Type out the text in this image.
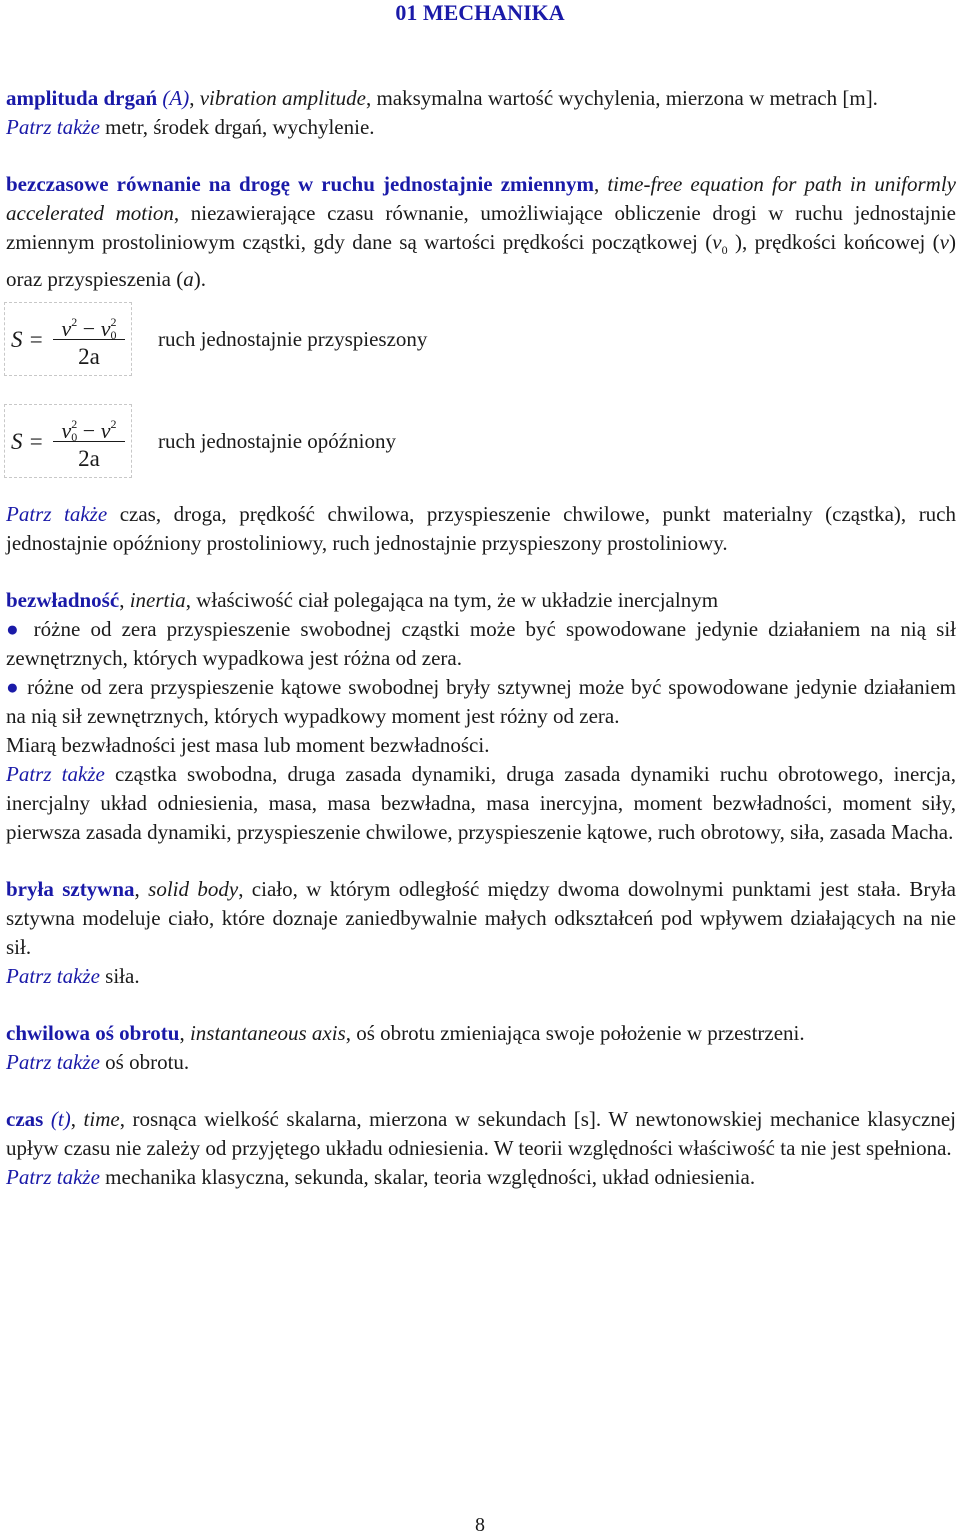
01 MECHANIKA

amplituda drgań (A), vibration amplitude, maksymalna wartość wychylenia, mierzona w metrach [m].

Patrz także metr, środek drgań, wychylenie.

bezczasowe równanie na drogę w ruchu jednostajnie zmiennym, time-free equation for path in uniformly accelerated motion, niezawierające czasu równanie, umożliwiające obliczenie drogi w ruchu jednostajnie zmiennym prostoliniowym cząstki, gdy dane są wartości prędkości początkowej ($v_0$ ), prędkości końcowej (v) oraz przyspieszenia (a).

$S = v^2 - v^2_0$
2a
ruch jednostajnie przyspieszony
$S = v^2_0 - v^2$
2a
ruch jednostajnie opóźniony

Patrz także czas, droga, prędkość chwilowa, przyspieszenie chwilowe, punkt materialny (cząstka), ruch jednostajnie opóźniony prostoliniowy, ruch jednostajnie przyspieszony prostoliniowy.

bezwładność, inertia, właściwość ciał polegająca na tym, że w układzie inercjalnym

● różne od zera przyspieszenie swobodnej cząstki może być spowodowane jedynie działaniem na nią sił zewnętrznych, których wypadkowa jest różna od zera.

● różne od zera przyspieszenie kątowe swobodnej bryły sztywnej może być spowodowane jedynie działaniem na nią sił zewnętrznych, których wypadkowy moment jest różny od zera.

Miarą bezwładności jest masa lub moment bezwładności.

Patrz także cząstka swobodna, druga zasada dynamiki, druga zasada dynamiki ruchu obrotowego, inercja, inercjalny układ odniesienia, masa, masa bezwładna, masa inercyjna, moment bezwładności, moment siły, pierwsza zasada dynamiki, przyspieszenie chwilowe, przyspieszenie kątowe, ruch obrotowy, siła, zasada Macha.

bryła sztywna, solid body, ciało, w którym odległość między dwoma dowolnymi punktami jest stała. Bryła sztywna modeluje ciało, które doznaje zaniedbywalnie małych odkształceń pod wpływem działających na nie sił.

Patrz także siła.

chwilowa oś obrotu, instantaneous axis, oś obrotu zmieniająca swoje położenie w przestrzeni.

Patrz także oś obrotu.

czas (t), time, rosnąca wielkość skalarna, mierzona w sekundach [s]. W newtonowskiej mechanice klasycznej upływ czasu nie zależy od przyjętego układu odniesienia. W teorii względności właściwość ta nie jest spełniona.

Patrz także mechanika klasyczna, sekunda, skalar, teoria względności, układ odniesienia.

8
